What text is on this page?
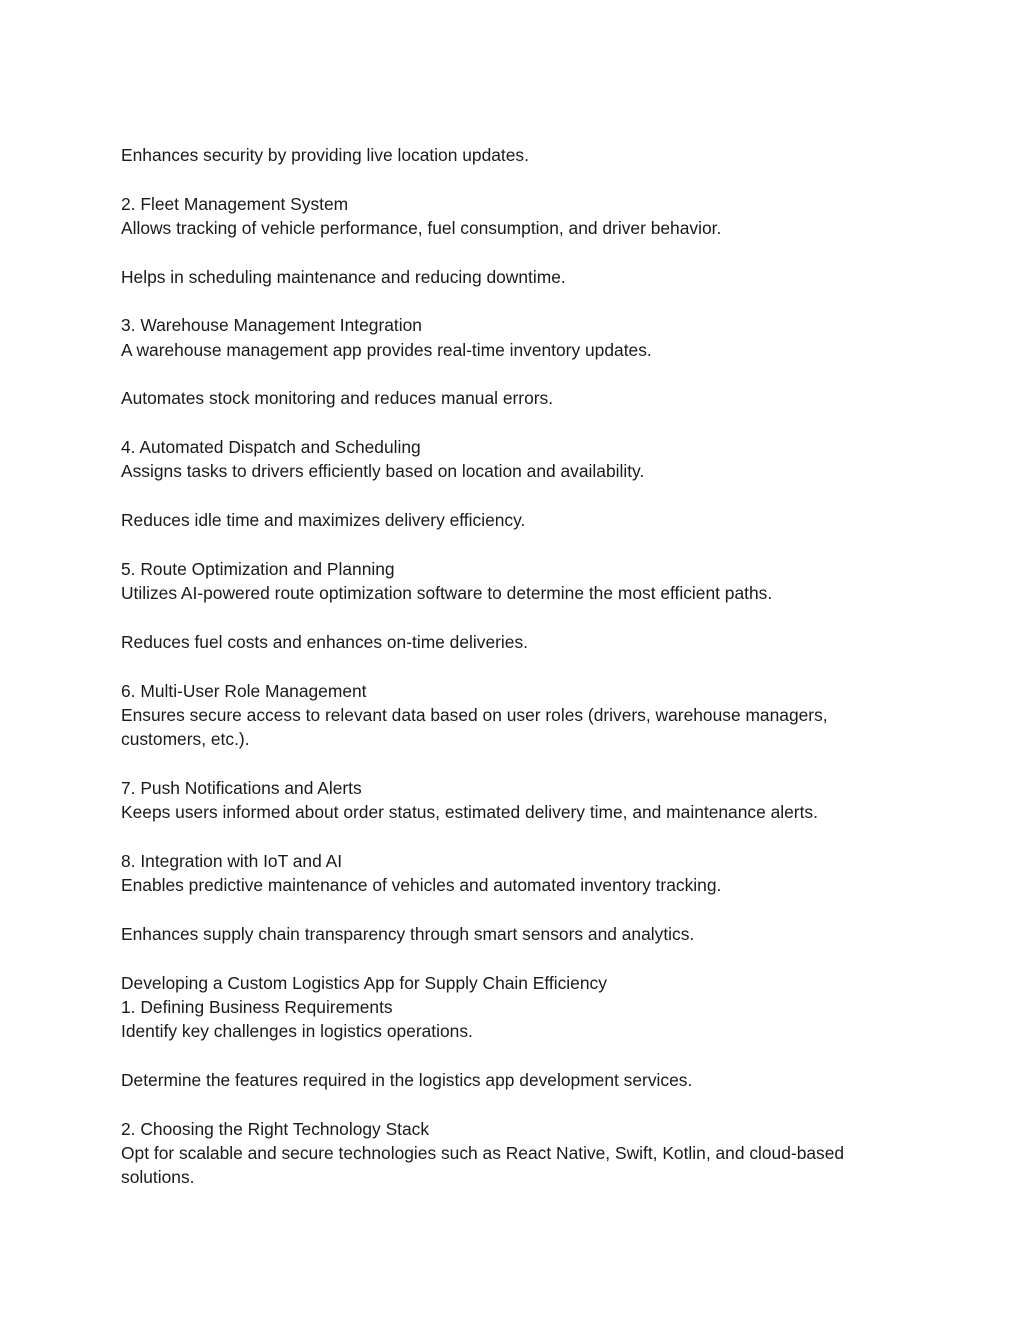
Enhances security by providing live location updates.
2. Fleet Management System
Allows tracking of vehicle performance, fuel consumption, and driver behavior.
Helps in scheduling maintenance and reducing downtime.
3. Warehouse Management Integration
A warehouse management app provides real-time inventory updates.
Automates stock monitoring and reduces manual errors.
4. Automated Dispatch and Scheduling
Assigns tasks to drivers efficiently based on location and availability.
Reduces idle time and maximizes delivery efficiency.
5. Route Optimization and Planning
Utilizes AI-powered route optimization software to determine the most efficient paths.
Reduces fuel costs and enhances on-time deliveries.
6. Multi-User Role Management
Ensures secure access to relevant data based on user roles (drivers, warehouse managers, customers, etc.).
7. Push Notifications and Alerts
Keeps users informed about order status, estimated delivery time, and maintenance alerts.
8. Integration with IoT and AI
Enables predictive maintenance of vehicles and automated inventory tracking.
Enhances supply chain transparency through smart sensors and analytics.
Developing a Custom Logistics App for Supply Chain Efficiency
1. Defining Business Requirements
Identify key challenges in logistics operations.
Determine the features required in the logistics app development services.
2. Choosing the Right Technology Stack
Opt for scalable and secure technologies such as React Native, Swift, Kotlin, and cloud-based solutions.
